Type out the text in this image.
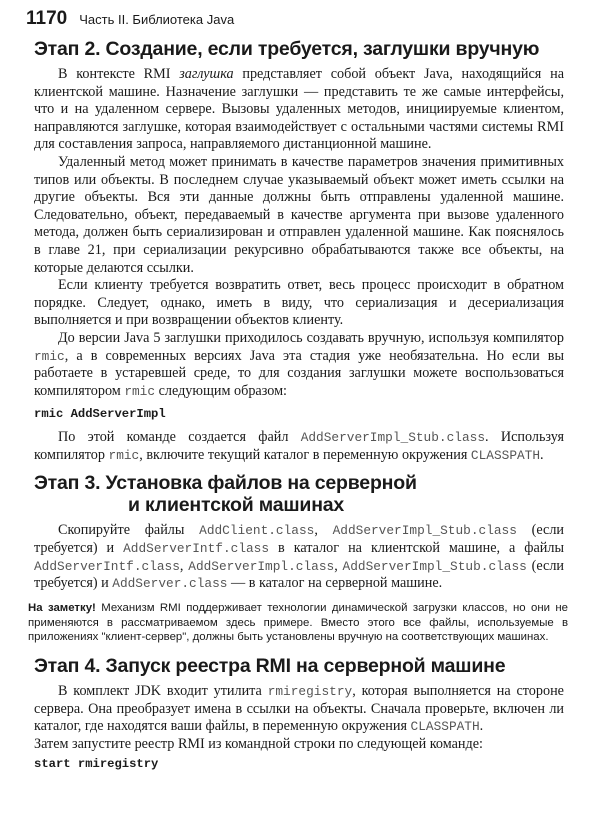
1170 Часть II. Библиотека Java
Этап 2. Создание, если требуется, заглушки вручную

В контексте RMI заглушка представляет собой объект Java, находящийся на клиентской машине. Назначение заглушки — представить те же самые интерфейсы, что и на удаленном сервере. Вызовы удаленных методов, инициируемые клиентом, направляются заглушке, которая взаимодействует с остальными частями системы RMI для составления запроса, направляемого дистанционной машине.

Удаленный метод может принимать в качестве параметров значения примитивных типов или объекты. В последнем случае указываемый объект может иметь ссылки на другие объекты. Вся эти данные должны быть отправлены удаленной машине. Следовательно, объект, передаваемый в качестве аргумента при вызове удаленного метода, должен быть сериализирован и отправлен удаленной машине. Как пояснялось в главе 21, при сериализации рекурсивно обрабатываются также все объекты, на которые делаются ссылки.

Если клиенту требуется возвратить ответ, весь процесс происходит в обратном порядке. Следует, однако, иметь в виду, что сериализация и десериализация выполняется и при возвращении объектов клиенту.

До версии Java 5 заглушки приходилось создавать вручную, используя компилятор rmic, а в современных версиях Java эта стадия уже необязательна. Но если вы работаете в устаревшей среде, то для создания заглушки можете воспользоваться компилятором rmic следующим образом:

rmic AddServerImpl

По этой команде создается файл AddServerImpl_Stub.class. Используя компилятор rmic, включите текущий каталог в переменную окружения CLASSPATH.

Этап 3. Установка файлов на серверной
и клиентской машинах

Скопируйте файлы AddClient.class, AddServerImpl_Stub.class (если требуется) и AddServerIntf.class в каталог на клиентской машине, а файлы AddServerIntf.class, AddServerImpl.class, AddServerImpl_Stub.class (если требуется) и AddServer.class — в каталог на серверной машине.

На заметку! Механизм RMI поддерживает технологии динамической загрузки классов, но они не применяются в рассматриваемом здесь примере. Вместо этого все файлы, используемые в приложениях "клиент-сервер", должны быть установлены вручную на соответствующих машинах.

Этап 4. Запуск реестра RMI на серверной машине

В комплект JDK входит утилита rmiregistry, которая выполняется на стороне сервера. Она преобразует имена в ссылки на объекты. Сначала проверьте, включен ли каталог, где находятся ваши файлы, в переменную окружения CLASSPATH.

Затем запустите реестр RMI из командной строки по следующей команде:

start rmiregistry
